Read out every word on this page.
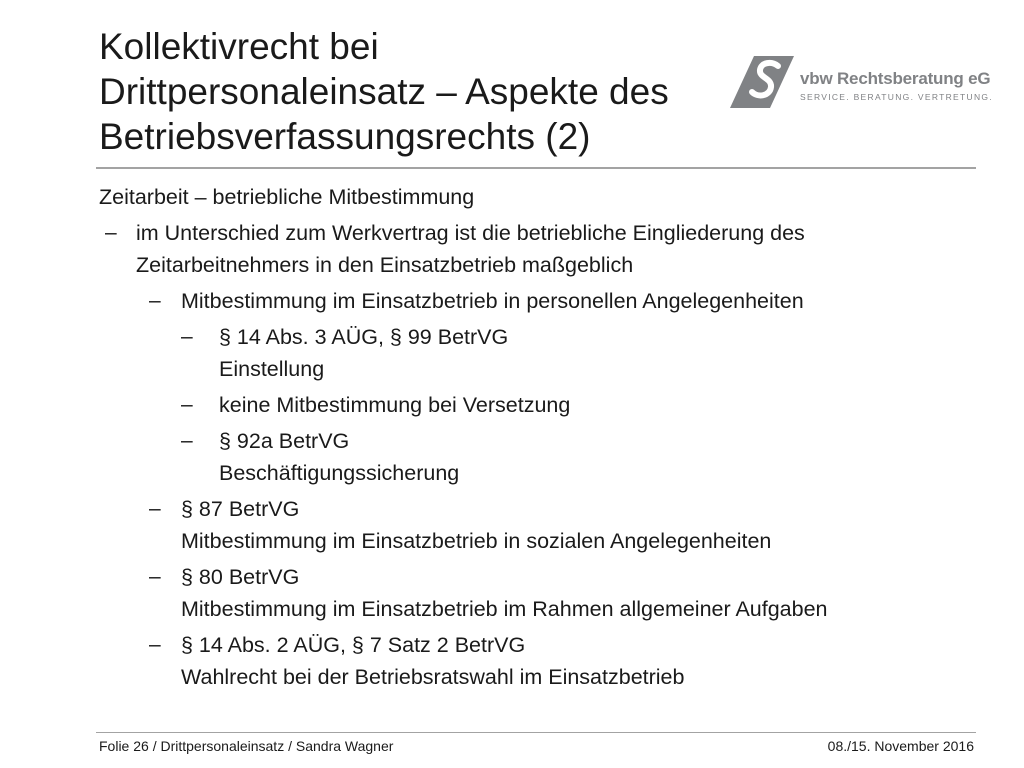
Kollektivrecht bei
Drittpersonaleinsatz – Aspekte des
Betriebsverfassungsrechts (2)
vbw Rechtsberatung eG
SERVICE. BERATUNG. VERTRETUNG.

Zeitarbeit – betriebliche Mitbestimmung

– im Unterschied zum Werkvertrag ist die betriebliche Eingliederung des
Zeitarbeitnehmers in den Einsatzbetrieb maßgeblich
– Mitbestimmung im Einsatzbetrieb in personellen Angelegenheiten
– § 14 Abs. 3 AÜG, § 99 BetrVG
Einstellung
– keine Mitbestimmung bei Versetzung
– § 92a BetrVG
Beschäftigungssicherung
– § 87 BetrVG
Mitbestimmung im Einsatzbetrieb in sozialen Angelegenheiten
– § 80 BetrVG
Mitbestimmung im Einsatzbetrieb im Rahmen allgemeiner Aufgaben
– § 14 Abs. 2 AÜG, § 7 Satz 2 BetrVG
Wahlrecht bei der Betriebsratswahl im Einsatzbetrieb
Folie 26 / Drittpersonaleinsatz / Sandra Wagner	08./15. November 2016
